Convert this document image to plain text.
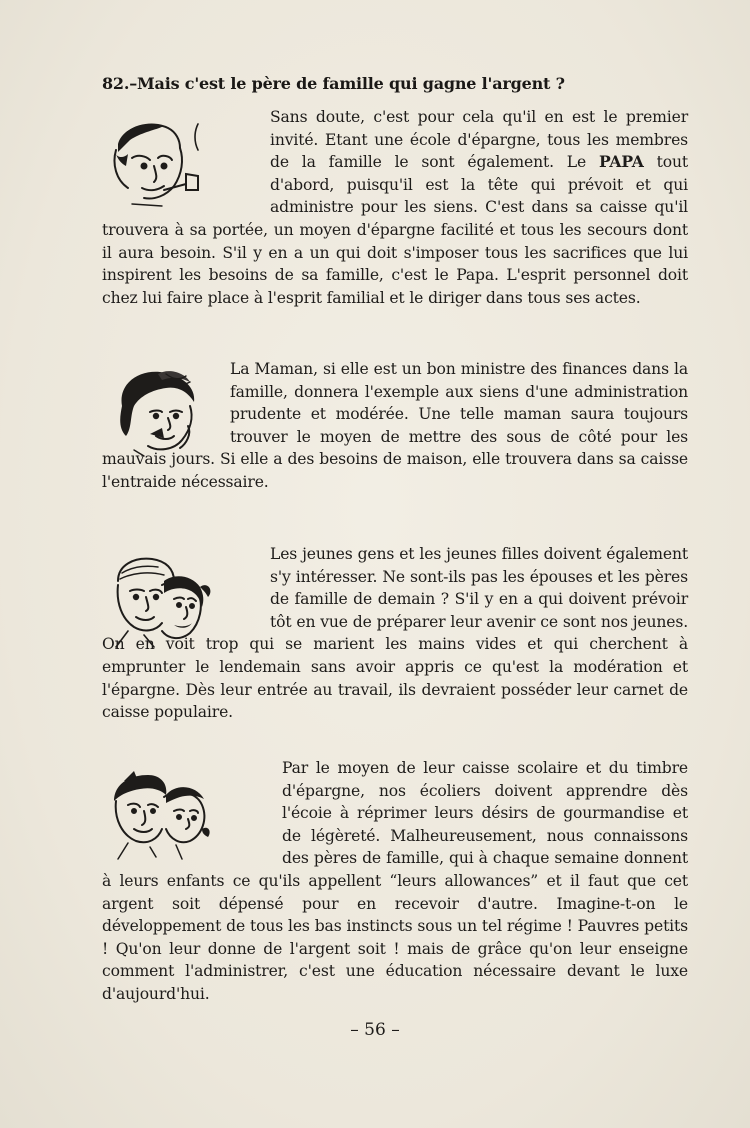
82.–Mais c'est le père de famille qui gagne l'argent ?

Sans doute, c'est pour cela qu'il en est le premier invité. Etant une école d'épargne, tous les membres de la famille le sont également. Le PAPA tout d'abord, puisqu'il est la tête qui prévoit et qui administre pour les siens. C'est dans sa caisse qu'il trouvera à sa portée, un moyen d'épargne facilité et tous les secours dont il aura besoin. S'il y en a un qui doit s'imposer tous les sacrifices que lui inspirent les besoins de sa famille, c'est le Papa. L'esprit personnel doit chez lui faire place à l'esprit familial et le diriger dans tous ses actes.

La Maman, si elle est un bon ministre des finances dans la famille, donnera l'exemple aux siens d'une administration prudente et modérée. Une telle maman saura toujours trouver le moyen de mettre des sous de côté pour les mauvais jours. Si elle a des besoins de maison, elle trouvera dans sa caisse l'entraide nécessaire.

Les jeunes gens et les jeunes filles doivent également s'y intéresser. Ne sont-ils pas les épouses et les pères de famille de demain ? S'il y en a qui doivent prévoir tôt en vue de préparer leur avenir ce sont nos jeunes. On en voit trop qui se marient les mains vides et qui cherchent à emprunter le lendemain sans avoir appris ce qu'est la modération et l'épargne. Dès leur entrée au travail, ils devraient posséder leur carnet de caisse populaire.

Par le moyen de leur caisse scolaire et du timbre d'épargne, nos écoliers doivent apprendre dès l'écoie à réprimer leurs désirs de gourmandise et de légèreté. Malheureusement, nous connaissons des pères de famille, qui à chaque semaine donnent à leurs enfants ce qu'ils appellent “leurs allowances” et il faut que cet argent soit dépensé pour en recevoir d'autre. Imagine-t-on le développement de tous les bas instincts sous un tel régime ! Pauvres petits ! Qu'on leur donne de l'argent soit ! mais de grâce qu'on leur enseigne comment l'administrer, c'est une éducation nécessaire devant le luxe d'aujourd'hui.

– 56 –
